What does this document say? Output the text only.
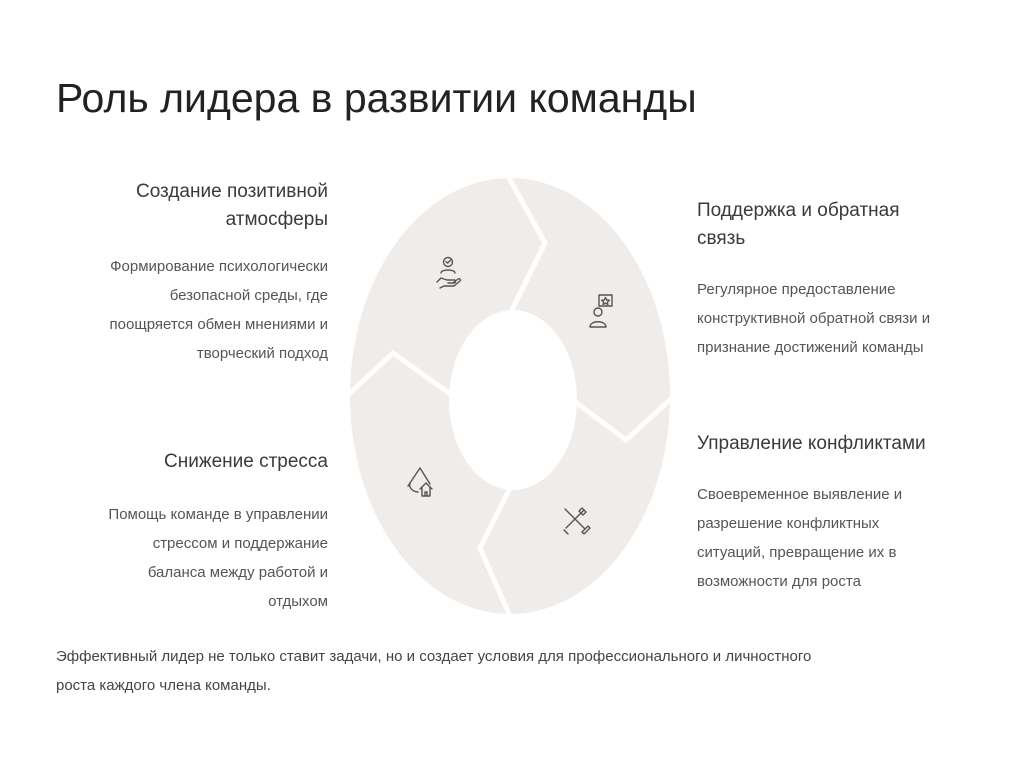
Роль лидера в развитии команды
Создание позитивной
атмосферы
Формирование психологически
безопасной среды, где
поощряется обмен мнениями и
творческий подход
Снижение стресса
Помощь команде в управлении
стрессом и поддержание
баланса между работой и
отдыхом
Поддержка и обратная
связь
Регулярное предоставление
конструктивной обратной связи и
признание достижений команды
Управление конфликтами
Своевременное выявление и
разрешение конфликтных
ситуаций, превращение их в
возможности для роста
Эффективный лидер не только ставит задачи, но и создает условия для профессионального и личностного
роста каждого члена команды.
